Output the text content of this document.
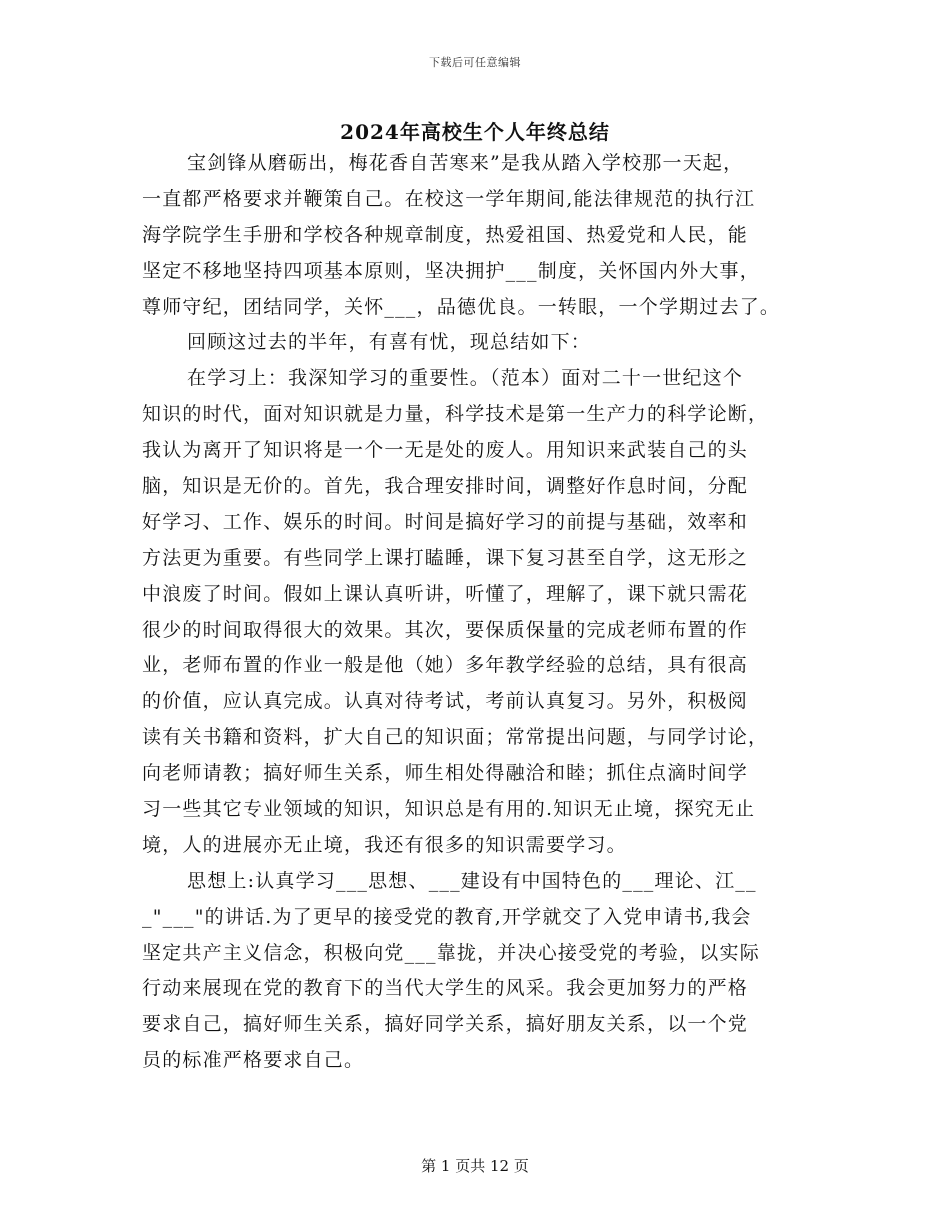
下载后可任意编辑
2024年高校生个人年终总结
宝剑锋从磨砺出，梅花香自苦寒来”是我从踏入学校那一天起，
一直都严格要求并鞭策自己。在校这一学年期间,能法律规范的执行江
海学院学生手册和学校各种规章制度，热爱祖国、热爱党和人民，能
坚定不移地坚持四项基本原则，坚决拥护___制度，关怀国内外大事，
尊师守纪，团结同学，关怀___，品德优良。一转眼，一个学期过去了。
回顾这过去的半年，有喜有忧，现总结如下：
在学习上：我深知学习的重要性。（范本）面对二十一世纪这个
知识的时代，面对知识就是力量，科学技术是第一生产力的科学论断，
我认为离开了知识将是一个一无是处的废人。用知识来武装自己的头
脑，知识是无价的。首先，我合理安排时间，调整好作息时间，分配
好学习、工作、娱乐的时间。时间是搞好学习的前提与基础，效率和
方法更为重要。有些同学上课打瞌睡，课下复习甚至自学，这无形之
中浪废了时间。假如上课认真听讲，听懂了，理解了，课下就只需花
很少的时间取得很大的效果。其次，要保质保量的完成老师布置的作
业，老师布置的作业一般是他（她）多年教学经验的总结，具有很高
的价值，应认真完成。认真对待考试，考前认真复习。另外，积极阅
读有关书籍和资料，扩大自己的知识面；常常提出问题，与同学讨论，
向老师请教；搞好师生关系，师生相处得融洽和睦；抓住点滴时间学
习一些其它专业领域的知识，知识总是有用的.知识无止境，探究无止
境，人的进展亦无止境，我还有很多的知识需要学习。
思想上:认真学习___思想、___建设有中国特色的___理论、江__
_"___"的讲话.为了更早的接受党的教育,开学就交了入党申请书,我会
坚定共产主义信念，积极向党___靠拢，并决心接受党的考验，以实际
行动来展现在党的教育下的当代大学生的风采。我会更加努力的严格
要求自己，搞好师生关系，搞好同学关系，搞好朋友关系，以一个党
员的标准严格要求自己。
第 1 页共 12 页
